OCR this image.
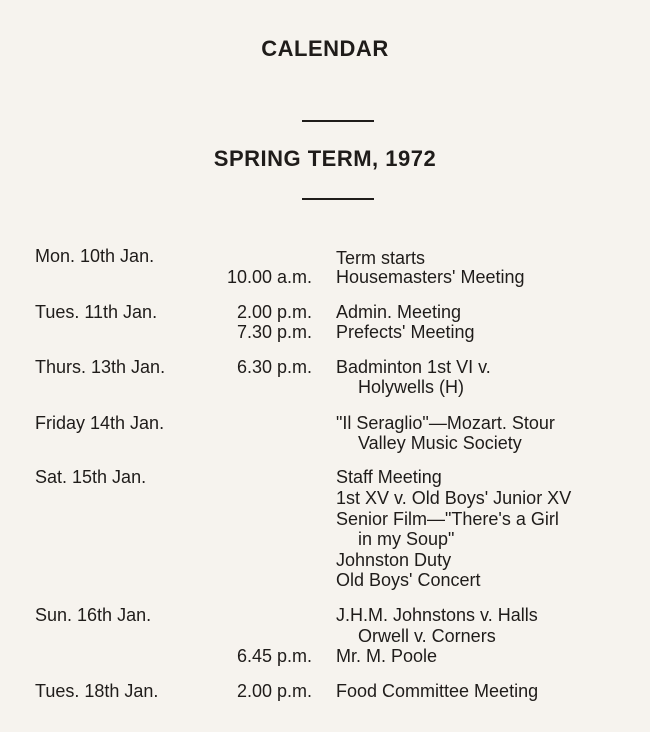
CALENDAR
SPRING TERM, 1972
Mon. 10th Jan.	Term starts
10.00 a.m. Housemasters' Meeting
Tues. 11th Jan.	2.00 p.m. Admin. Meeting
7.30 p.m. Prefects' Meeting
Thurs. 13th Jan.	6.30 p.m. Badminton 1st VI v.
Holywells (H)
Friday 14th Jan.	"Il Seraglio"—Mozart. Stour
Valley Music Society
Sat. 15th Jan.	Staff Meeting
1st XV v. Old Boys' Junior XV
Senior Film—"There's a Girl
in my Soup"
Johnston Duty
Old Boys' Concert
Sun. 16th Jan.	J.H.M. Johnstons v. Halls
Orwell v. Corners
6.45 p.m. Mr. M. Poole
Tues. 18th Jan.	2.00 p.m. Food Committee Meeting
